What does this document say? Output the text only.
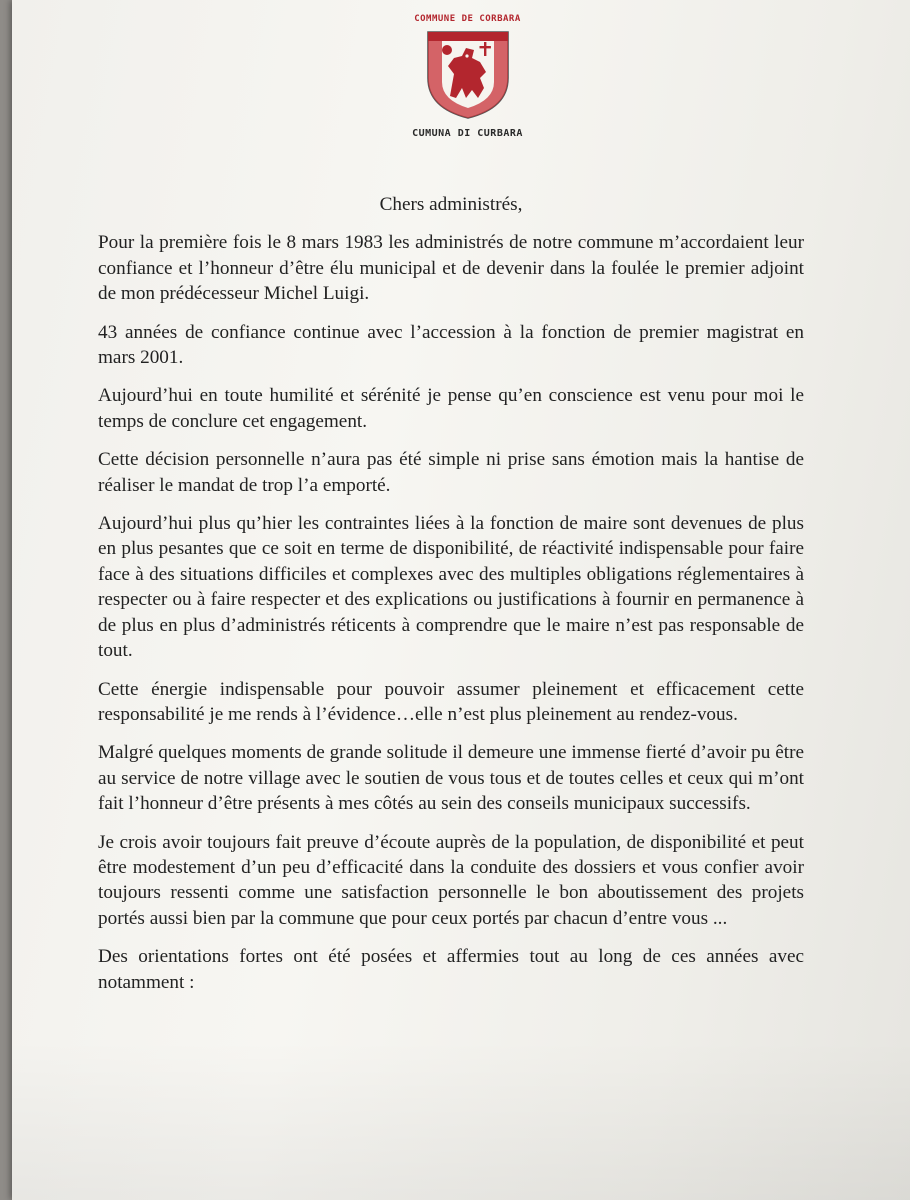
COMMUNE DE CORBARA
CUMUNA DI CURBARA

Chers administrés,

Pour la première fois le 8 mars 1983 les administrés de notre commune m’accordaient leur confiance et l’honneur d’être élu municipal et de devenir dans la foulée le premier adjoint de mon prédécesseur Michel Luigi.

43 années de confiance continue avec l’accession à la fonction de premier magistrat en mars 2001.

Aujourd’hui en toute humilité et sérénité je pense qu’en conscience est venu pour moi le temps de conclure cet engagement.

Cette décision personnelle n’aura pas été simple ni prise sans émotion mais la hantise de réaliser le mandat de trop l’a emporté.

Aujourd’hui plus qu’hier les contraintes liées à la fonction de maire sont devenues de plus en plus pesantes que ce soit en terme de disponibilité, de réactivité indispensable pour faire face à des situations difficiles et complexes avec des multiples obligations réglementaires à respecter ou à faire respecter et des explications ou justifications à fournir en permanence à de plus en plus d’administrés réticents à comprendre que le maire n’est pas responsable de tout.

Cette énergie indispensable pour pouvoir assumer pleinement et efficacement cette responsabilité je me rends à l’évidence…elle n’est plus pleinement au rendez-vous.

Malgré quelques moments de grande solitude il demeure une immense fierté d’avoir pu être au service de notre village avec le soutien de vous tous et de toutes celles et ceux qui m’ont fait l’honneur d’être présents à mes côtés au sein des conseils municipaux successifs.

Je crois avoir toujours fait preuve d’écoute auprès de la population, de disponibilité et peut être modestement d’un peu d’efficacité dans la conduite des dossiers et vous confier avoir toujours ressenti comme une satisfaction personnelle le bon aboutissement des projets portés aussi bien par la commune que pour ceux portés par chacun d’entre vous ...

Des orientations fortes ont été posées et affermies tout au long de ces années avec notamment :
